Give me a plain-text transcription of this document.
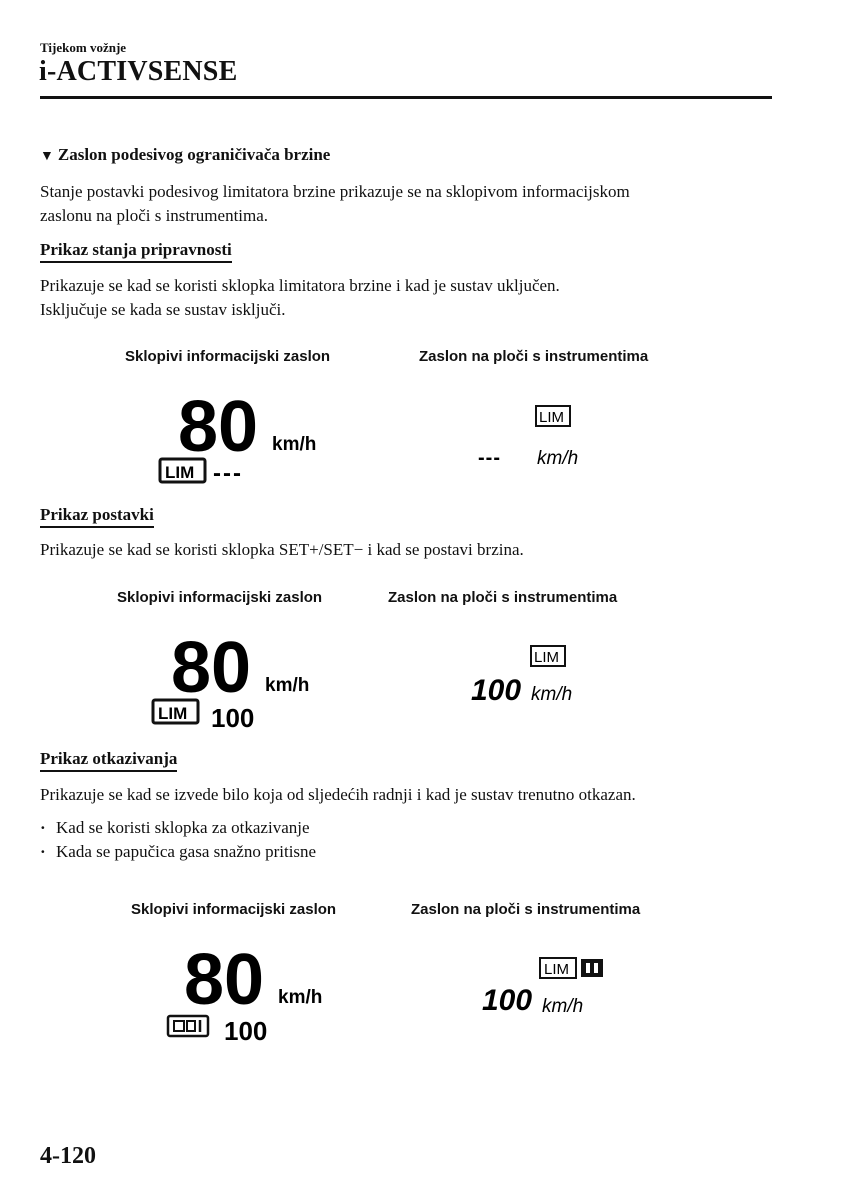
Tijekom vožnje
i-ACTIVSENSE
▼ Zaslon podesivog ograničivača brzine
Stanje postavki podesivog limitatora brzine prikazuje se na sklopivom informacijskom
zaslonu na ploči s instrumentima.
Prikaz stanja pripravnosti
Prikazuje se kad se koristi sklopka limitatora brzine i kad je sustav uključen.
Isključuje se kada se sustav isključi.
Sklopivi informacijski zaslon	Zaslon na ploči s instrumentima
80 km/h
LIM ---
LIM
--- km/h
Prikaz postavki
Prikazuje se kad se koristi sklopka SET+/SET− i kad se postavi brzina.
Sklopivi informacijski zaslon	Zaslon na ploči s instrumentima
80 km/h
LIM 100
LIM
100 km/h
Prikaz otkazivanja
Prikazuje se kad se izvede bilo koja od sljedećih radnji i kad je sustav trenutno otkazan.
· Kad se koristi sklopka za otkazivanje
· Kada se papučica gasa snažno pritisne
Sklopivi informacijski zaslon	Zaslon na ploči s instrumentima
80 km/h
100
LIM
100 km/h
4-120
